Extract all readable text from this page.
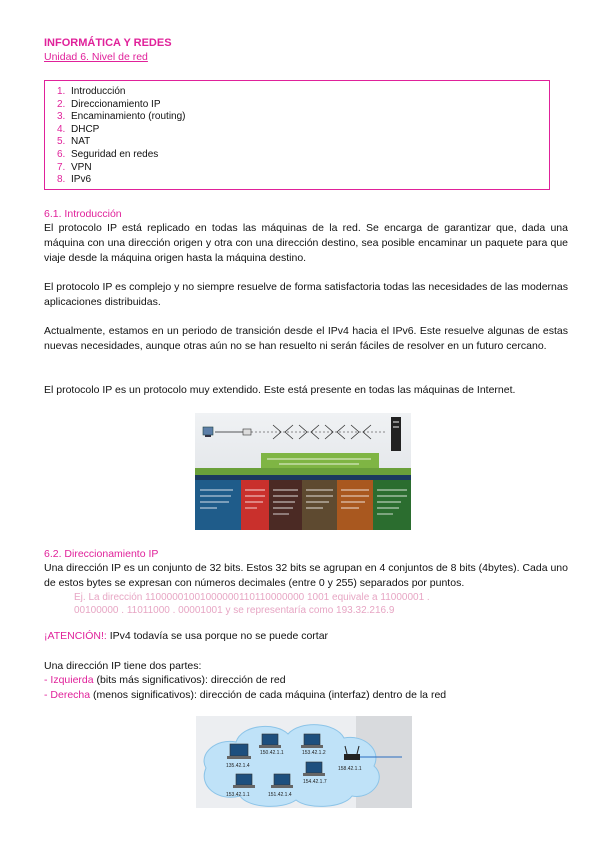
INFORMÁTICA Y REDES
Unidad 6. Nivel de red
1. Introducción
2. Direccionamiento IP
3. Encaminamiento (routing)
4. DHCP
5. NAT
6. Seguridad en redes
7. VPN
8. IPv6
6.1. Introducción
El protocolo IP está replicado en todas las máquinas de la red. Se encarga de garantizar que, dada una máquina con una dirección origen y otra con una dirección destino, sea posible encaminar un paquete para que viaje desde la máquina origen hasta la máquina destino.
El protocolo IP es complejo y no siempre resuelve de forma satisfactoria todas las necesidades de las modernas aplicaciones distribuidas.
Actualmente, estamos en un periodo de transición desde el IPv4 hacia el IPv6. Este resuelve algunas de estas nuevas necesidades, aunque otras aún no se han resuelto ni serán fáciles de resolver en un futuro cercano.
El protocolo IP es un protocolo muy extendido. Este está presente en todas las máquinas de Internet.
6.2. Direccionamiento IP
Una dirección IP es un conjunto de 32 bits. Estos 32 bits se agrupan en 4 conjuntos de 8 bits (4bytes). Cada uno de estos bytes se expresan con números decimales (entre 0 y 255) separados por puntos.
Ej. La dirección 11000001001000000110110000000 1001 equivale a 11000001 . 00100000 . 11011000 . 00001001 y se representaría como 193.32.216.9
¡ATENCIÓN!: IPv4 todavía se usa porque no se puede cortar
Una dirección IP tiene dos partes:
- Izquierda (bits más significativos): dirección de red
- Derecha (menos significativos): dirección de cada máquina (interfaz) dentro de la red
135.42.1.4
150.42.1.1	153.42.1.2
154.42.1.7
158.42.1.1
153.42.1.1	151.42.1.4
